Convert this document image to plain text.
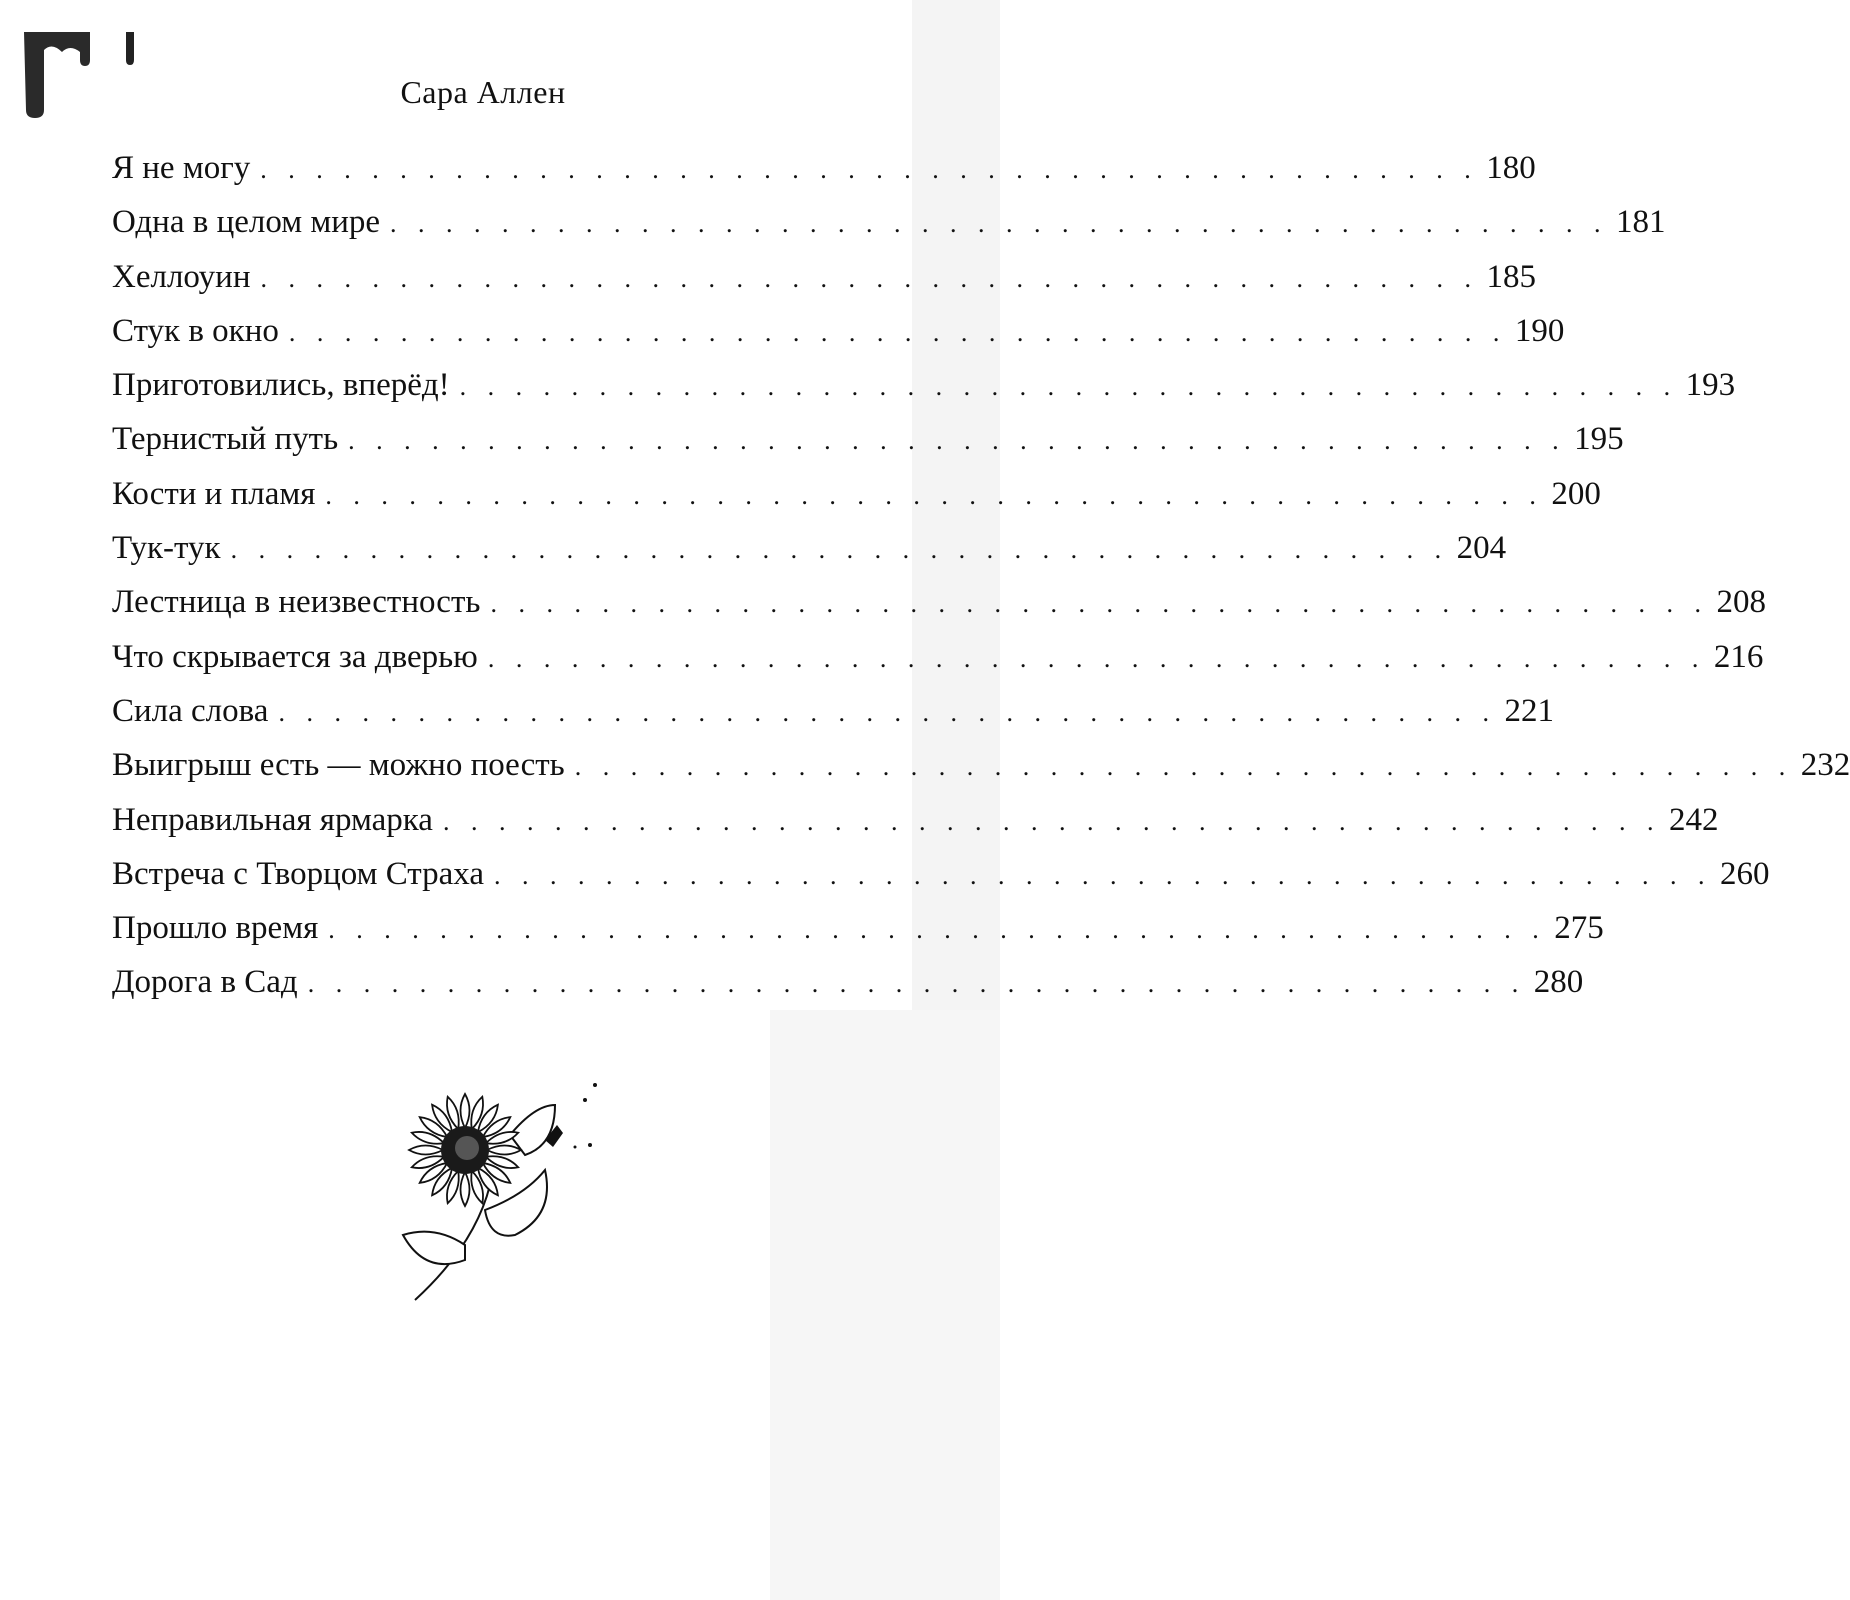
Сара Аллен
Я не могу . . . . . . . . . . . . . . . . . . . . . . . . . . . . . . . . . . . . . . . . . . . . 180
Одна в целом мире . . . . . . . . . . . . . . . . . . . . . . . . . . . . . . . . . . . . . . . . . . . . 181
Хеллоуин . . . . . . . . . . . . . . . . . . . . . . . . . . . . . . . . . . . . . . . . . . . . 185
Стук в окно . . . . . . . . . . . . . . . . . . . . . . . . . . . . . . . . . . . . . . . . . . . . 190
Приготовились, вперёд! . . . . . . . . . . . . . . . . . . . . . . . . . . . . . . . . . . . . . . . . . . . . 193
Тернистый путь . . . . . . . . . . . . . . . . . . . . . . . . . . . . . . . . . . . . . . . . . . . . 195
Кости и пламя . . . . . . . . . . . . . . . . . . . . . . . . . . . . . . . . . . . . . . . . . . . . 200
Тук-тук . . . . . . . . . . . . . . . . . . . . . . . . . . . . . . . . . . . . . . . . . . . . 204
Лестница в неизвестность . . . . . . . . . . . . . . . . . . . . . . . . . . . . . . . . . . . . . . . . . . . . 208
Что скрывается за дверью . . . . . . . . . . . . . . . . . . . . . . . . . . . . . . . . . . . . . . . . . . . . 216
Сила слова . . . . . . . . . . . . . . . . . . . . . . . . . . . . . . . . . . . . . . . . . . . . 221
Выигрыш есть — можно поесть . . . . . . . . . . . . . . . . . . . . . . . . . . . . . . . . . . . . . . . . . . . . 232
Неправильная ярмарка . . . . . . . . . . . . . . . . . . . . . . . . . . . . . . . . . . . . . . . . . . . . 242
Встреча с Творцом Страха . . . . . . . . . . . . . . . . . . . . . . . . . . . . . . . . . . . . . . . . . . . . 260
Прошло время . . . . . . . . . . . . . . . . . . . . . . . . . . . . . . . . . . . . . . . . . . . . 275
Дорога в Сад . . . . . . . . . . . . . . . . . . . . . . . . . . . . . . . . . . . . . . . . . . . . 280
